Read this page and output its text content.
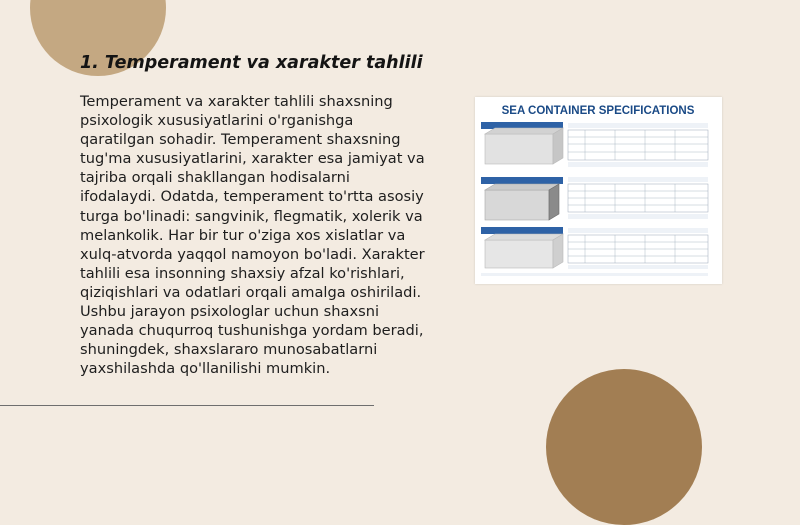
1. Temperament va xarakter tahlili

Temperament va xarakter tahlili shaxsning psixologik xususiyatlarini o'rganishga qaratilgan sohadir. Temperament shaxsning tug'ma xususiyatlarini, xarakter esa jamiyat va tajriba orqali shakllangan hodisalarni ifodalaydi. Odatda, temperament to'rtta asosiy turga bo'linadi: sangvinik, flegmatik, xolerik va melankolik. Har bir tur o'ziga xos xislatlar va xulq-atvorda yaqqol namoyon bo'ladi. Xarakter tahlili esa insonning shaxsiy afzal ko'rishlari, qiziqishlari va odatlari orqali amalga oshiriladi. Ushbu jarayon psixologlar uchun shaxsni yanada chuqurroq tushunishga yordam beradi, shuningdek, shaxslararo munosabatlarni yaxshilashda qo'llanilishi mumkin.

SEA CONTAINER SPECIFICATIONS
